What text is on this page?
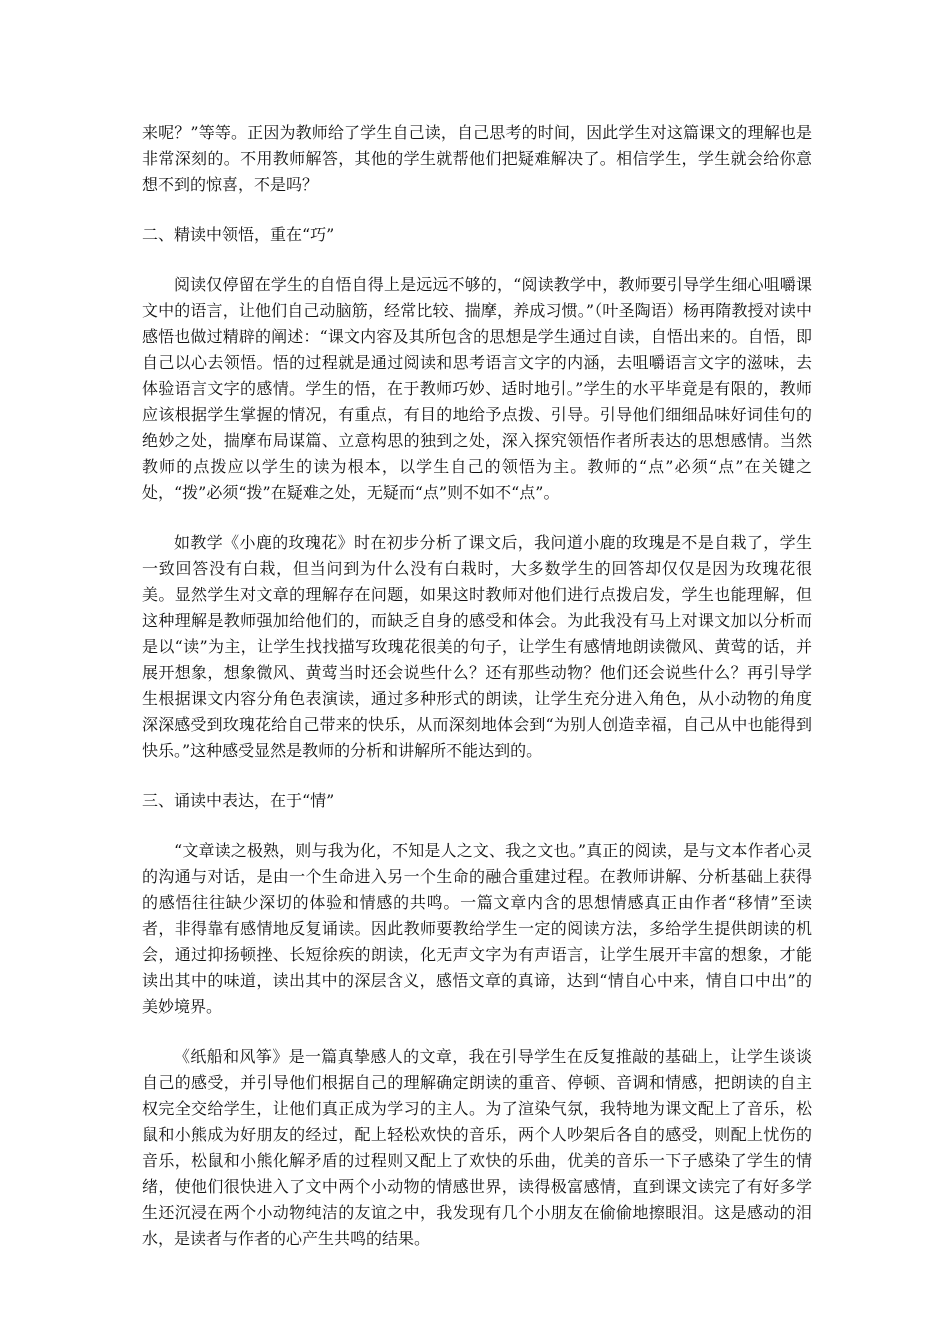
来呢？”等等。正因为教师给了学生自己读，自己思考的时间，因此学生对这篇课文的理解也是非常深刻的。不用教师解答，其他的学生就帮他们把疑难解决了。相信学生，学生就会给你意想不到的惊喜，不是吗？

二、精读中领悟，重在“巧”

阅读仅停留在学生的自悟自得上是远远不够的，“阅读教学中，教师要引导学生细心咀嚼课文中的语言，让他们自己动脑筋，经常比较、揣摩，养成习惯。”（叶圣陶语）杨再隋教授对读中感悟也做过精辟的阐述：“课文内容及其所包含的思想是学生通过自读，自悟出来的。自悟，即自己以心去领悟。悟的过程就是通过阅读和思考语言文字的内涵，去咀嚼语言文字的滋味，去体验语言文字的感情。学生的悟，在于教师巧妙、适时地引。”学生的水平毕竟是有限的，教师应该根据学生掌握的情况，有重点，有目的地给予点拨、引导。引导他们细细品味好词佳句的绝妙之处，揣摩布局谋篇、立意构思的独到之处，深入探究领悟作者所表达的思想感情。当然教师的点拨应以学生的读为根本，以学生自己的领悟为主。教师的“点”必须“点”在关键之处，“拨”必须“拨”在疑难之处，无疑而“点”则不如不“点”。

如教学《小鹿的玫瑰花》时在初步分析了课文后，我问道小鹿的玫瑰是不是自栽了，学生一致回答没有白栽，但当问到为什么没有白栽时，大多数学生的回答却仅仅是因为玫瑰花很美。显然学生对文章的理解存在问题，如果这时教师对他们进行点拨启发，学生也能理解，但这种理解是教师强加给他们的，而缺乏自身的感受和体会。为此我没有马上对课文加以分析而是以“读”为主，让学生找找描写玫瑰花很美的句子，让学生有感情地朗读微风、黄莺的话，并展开想象，想象微风、黄莺当时还会说些什么？还有那些动物？他们还会说些什么？再引导学生根据课文内容分角色表演读，通过多种形式的朗读，让学生充分进入角色，从小动物的角度深深感受到玫瑰花给自己带来的快乐，从而深刻地体会到“为别人创造幸福，自己从中也能得到快乐。”这种感受显然是教师的分析和讲解所不能达到的。

三、诵读中表达，在于“情”

“文章读之极熟，则与我为化，不知是人之文、我之文也。”真正的阅读，是与文本作者心灵的沟通与对话，是由一个生命进入另一个生命的融合重建过程。在教师讲解、分析基础上获得的感悟往往缺少深切的体验和情感的共鸣。一篇文章内含的思想情感真正由作者“移情”至读者，非得靠有感情地反复诵读。因此教师要教给学生一定的阅读方法，多给学生提供朗读的机会，通过抑扬顿挫、长短徐疾的朗读，化无声文字为有声语言，让学生展开丰富的想象，才能读出其中的味道，读出其中的深层含义，感悟文章的真谛，达到“情自心中来，情自口中出”的美妙境界。

《纸船和风筝》是一篇真挚感人的文章，我在引导学生在反复推敲的基础上，让学生谈谈自己的感受，并引导他们根据自己的理解确定朗读的重音、停顿、音调和情感，把朗读的自主权完全交给学生，让他们真正成为学习的主人。为了渲染气氛，我特地为课文配上了音乐，松鼠和小熊成为好朋友的经过，配上轻松欢快的音乐，两个人吵架后各自的感受，则配上忧伤的音乐，松鼠和小熊化解矛盾的过程则又配上了欢快的乐曲，优美的音乐一下子感染了学生的情绪，使他们很快进入了文中两个小动物的情感世界，读得极富感情，直到课文读完了有好多学生还沉浸在两个小动物纯洁的友谊之中，我发现有几个小朋友在偷偷地擦眼泪。这是感动的泪水，是读者与作者的心产生共鸣的结果。
